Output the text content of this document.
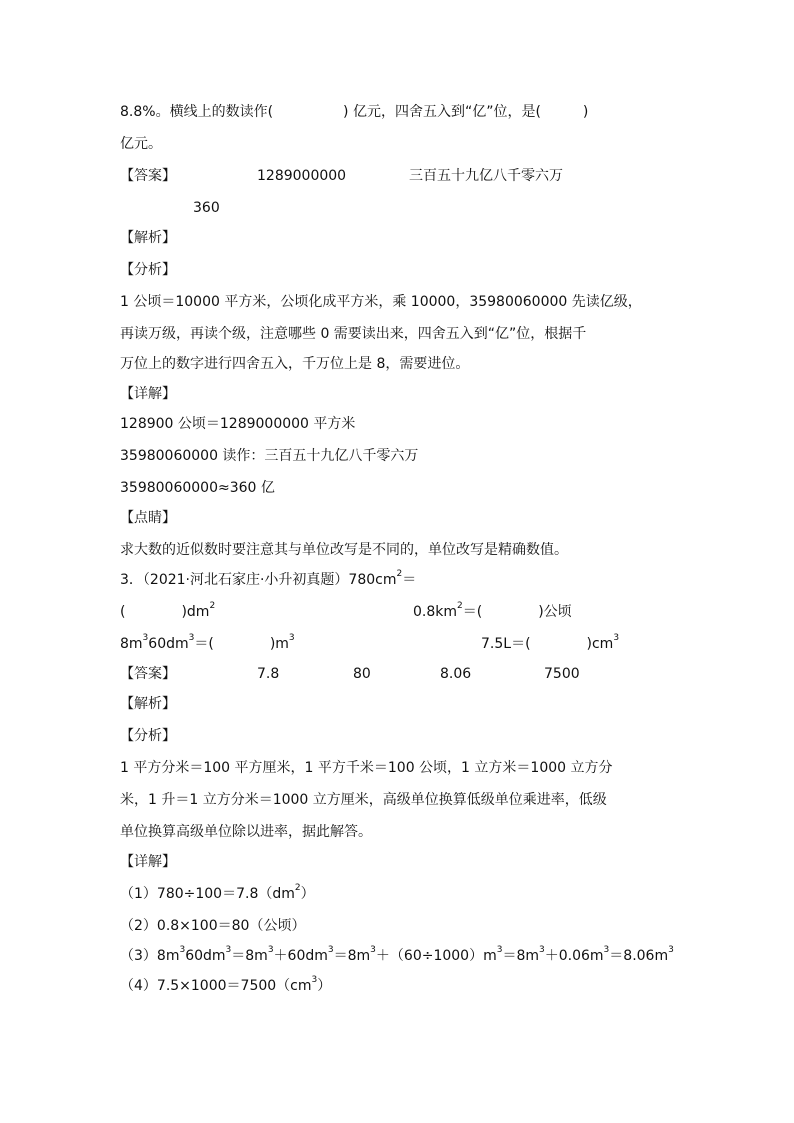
8.8%。横线上的数读作(　　　　　) 亿元，四舍五入到“亿”位，是(　　　)
亿元。
【答案】	1289000000	三百五十九亿八千零六万
360
【解析】
【分析】
1 公顷＝10000 平方米，公顷化成平方米，乘 10000，35980060000 先读亿级，
再读万级，再读个级，注意哪些 0 需要读出来，四舍五入到“亿”位，根据千
万位上的数字进行四舍五入，千万位上是 8，需要进位。
【详解】
128900 公顷＝1289000000 平方米
35980060000 读作：三百五十九亿八千零六万
35980060000≈360 亿
【点睛】
求大数的近似数时要注意其与单位改写是不同的，单位改写是精确数值。
3．（2021·河北石家庄·小升初真题）$780cm^2=$
(　　　　)$dm^2$	$0.8km^2=$(　　　　)公顷
$8m^360dm^3=$(　　　　)$m^3$	7.5L＝(　　　　)$cm^3$
【答案】	7.8	80	8.06	7500
【解析】
【分析】
1 平方分米＝100 平方厘米，1 平方千米＝100 公顷，1 立方米＝1000 立方分
米，1 升＝1 立方分米＝1000 立方厘米，高级单位换算低级单位乘进率，低级
单位换算高级单位除以进率，据此解答。
【详解】
$(1)780\div 100=7.8(dm^2)$
（2）0.8×100＝80（公顷）
$(3)8m^360dm^3=8m^3+60dm^3=8m^3+(60\div 1000)m^3=8m^3+0.06m^3=8.06m^3$
$(4)7.5\times 1000=7500(cm^3)$
